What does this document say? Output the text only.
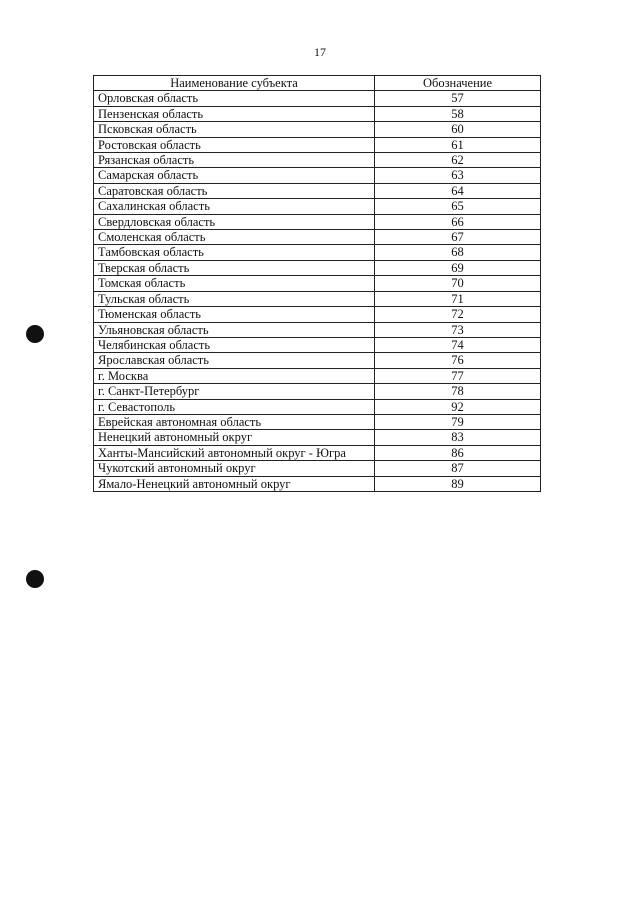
17
Наименование субъекта	Обозначение
Орловская область	57
Пензенская область	58
Псковская область	60
Ростовская область	61
Рязанская область	62
Самарская область	63
Саратовская область	64
Сахалинская область	65
Свердловская область	66
Смоленская область	67
Тамбовская область	68
Тверская область	69
Томская область	70
Тульская область	71
Тюменская область	72
Ульяновская область	73
Челябинская область	74
Ярославская область	76
г. Москва	77
г. Санкт-Петербург	78
г. Севастополь	92
Еврейская автономная область	79
Ненецкий автономный округ	83
Ханты-Мансийский автономный округ - Югра	86
Чукотский автономный округ	87
Ямало-Ненецкий автономный округ	89
